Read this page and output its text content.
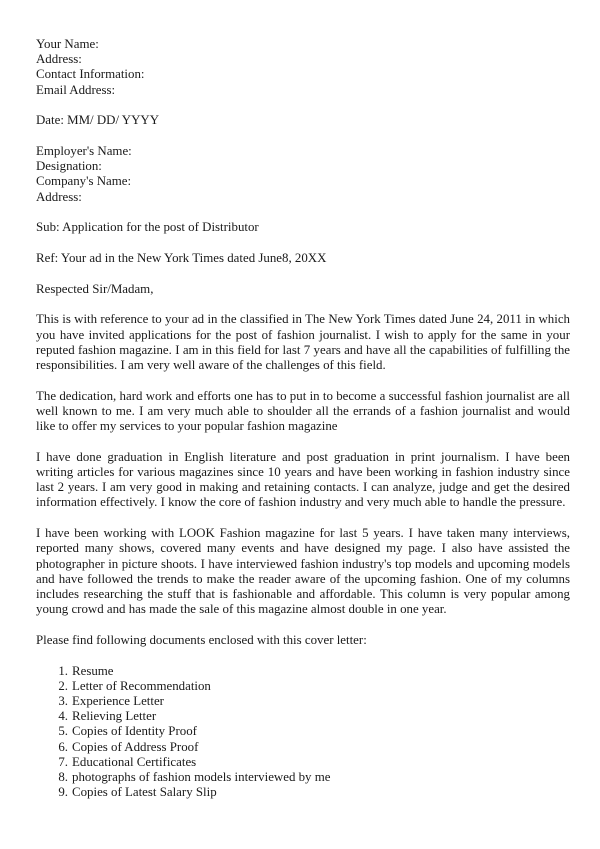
Your Name:
Address:
Contact Information:
Email Address:
Date: MM/ DD/ YYYY
Employer's Name:
Designation:
Company's Name:
Address:
Sub: Application for the post of Distributor
Ref: Your ad in the New York Times dated June8, 20XX
Respected Sir/Madam,

This is with reference to your ad in the classified in The New York Times dated June 24, 2011 in which you have invited applications for the post of fashion journalist. I wish to apply for the same in your reputed fashion magazine. I am in this field for last 7 years and have all the capabilities of fulfilling the responsibilities. I am very well aware of the challenges of this field.

The dedication, hard work and efforts one has to put in to become a successful fashion journalist are all well known to me. I am very much able to shoulder all the errands of a fashion journalist and would like to offer my services to your popular fashion magazine

I have done graduation in English literature and post graduation in print journalism. I have been writing articles for various magazines since 10 years and have been working in fashion industry since last 2 years. I am very good in making and retaining contacts. I can analyze, judge and get the desired information effectively. I know the core of fashion industry and very much able to handle the pressure.

I have been working with LOOK Fashion magazine for last 5 years. I have taken many interviews, reported many shows, covered many events and have designed my page. I also have assisted the photographer in picture shoots. I have interviewed fashion industry's top models and upcoming models and have followed the trends to make the reader aware of the upcoming fashion. One of my columns includes researching the stuff that is fashionable and affordable. This column is very popular among young crowd and has made the sale of this magazine almost double in one year.

Please find following documents enclosed with this cover letter:

1. Resume
2. Letter of Recommendation
3. Experience Letter
4. Relieving Letter
5. Copies of Identity Proof
6. Copies of Address Proof
7. Educational Certificates
8. photographs of fashion models interviewed by me
9. Copies of Latest Salary Slip
